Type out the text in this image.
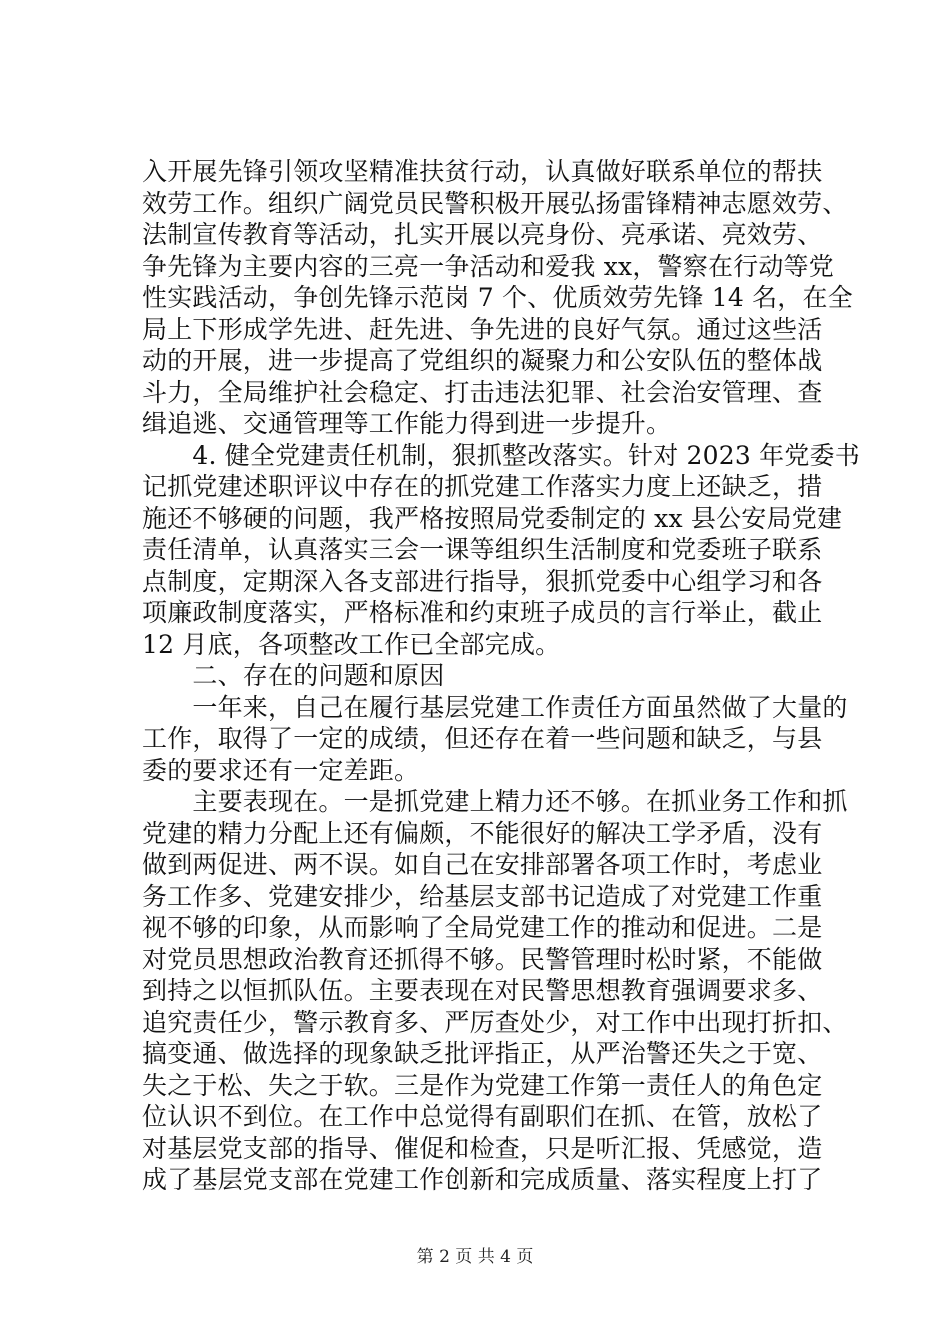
入开展先锋引领攻坚精准扶贫行动，认真做好联系单位的帮扶
效劳工作。组织广阔党员民警积极开展弘扬雷锋精神志愿效劳、
法制宣传教育等活动，扎实开展以亮身份、亮承诺、亮效劳、
争先锋为主要内容的三亮一争活动和爱我 xx，警察在行动等党
性实践活动，争创先锋示范岗 7 个、优质效劳先锋 14 名，在全
局上下形成学先进、赶先进、争先进的良好气氛。通过这些活
动的开展，进一步提高了党组织的凝聚力和公安队伍的整体战
斗力，全局维护社会稳定、打击违法犯罪、社会治安管理、查
缉追逃、交通管理等工作能力得到进一步提升。
　　4. 健全党建责任机制，狠抓整改落实。针对 2023 年党委书
记抓党建述职评议中存在的抓党建工作落实力度上还缺乏，措
施还不够硬的问题，我严格按照局党委制定的 xx 县公安局党建
责任清单，认真落实三会一课等组织生活制度和党委班子联系
点制度，定期深入各支部进行指导，狠抓党委中心组学习和各
项廉政制度落实，严格标准和约束班子成员的言行举止，截止
12 月底，各项整改工作已全部完成。
　　二、存在的问题和原因
　　一年来，自己在履行基层党建工作责任方面虽然做了大量的
工作，取得了一定的成绩，但还存在着一些问题和缺乏，与县
委的要求还有一定差距。
　　主要表现在。一是抓党建上精力还不够。在抓业务工作和抓
党建的精力分配上还有偏颇，不能很好的解决工学矛盾，没有
做到两促进、两不误。如自己在安排部署各项工作时，考虑业
务工作多、党建安排少，给基层支部书记造成了对党建工作重
视不够的印象，从而影响了全局党建工作的推动和促进。二是
对党员思想政治教育还抓得不够。民警管理时松时紧，不能做
到持之以恒抓队伍。主要表现在对民警思想教育强调要求多、
追究责任少，警示教育多、严厉查处少，对工作中出现打折扣、
搞变通、做选择的现象缺乏批评指正，从严治警还失之于宽、
失之于松、失之于软。三是作为党建工作第一责任人的角色定
位认识不到位。在工作中总觉得有副职们在抓、在管，放松了
对基层党支部的指导、催促和检查，只是听汇报、凭感觉，造
成了基层党支部在党建工作创新和完成质量、落实程度上打了
第 2 页 共 4 页
